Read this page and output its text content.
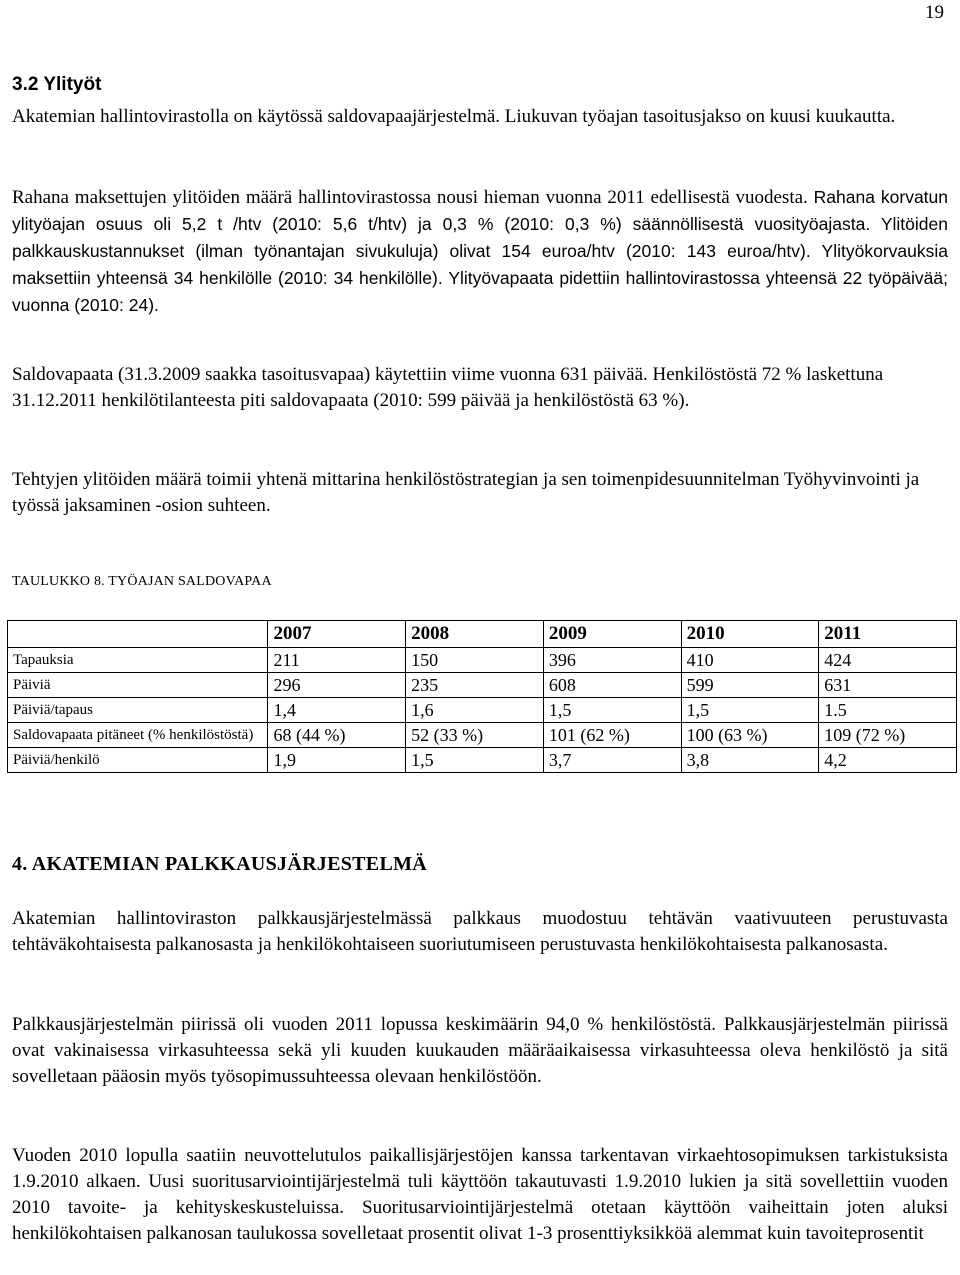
19
3.2 Ylityöt

Akatemian hallintovirastolla on käytössä saldovapaajärjestelmä. Liukuvan työajan tasoitusjakso on kuusi kuukautta.

Rahana maksettujen ylitöiden määrä hallintovirastossa nousi hieman vuonna 2011 edellisestä vuodesta. Rahana korvatun ylityöajan osuus oli 5,2 t /htv (2010: 5,6 t/htv) ja 0,3 % (2010: 0,3 %) säännöllisestä vuosityöajasta. Ylitöiden palkkauskustannukset (ilman työnantajan sivukuluja) olivat 154 euroa/htv (2010: 143 euroa/htv). Ylityökorvauksia maksettiin yhteensä 34 henkilölle (2010: 34 henkilölle). Ylityövapaata pidettiin hallintovirastossa yhteensä 22 työpäivää; vuonna (2010: 24).

Saldovapaata (31.3.2009 saakka tasoitusvapaa) käytettiin viime vuonna 631 päivää. Henkilöstöstä 72 % laskettuna 31.12.2011 henkilötilanteesta piti saldovapaata (2010: 599 päivää ja henkilöstöstä 63 %).

Tehtyjen ylitöiden määrä toimii yhtenä mittarina henkilöstöstrategian ja sen toimenpidesuunnitelman Työhyvinvointi ja työssä jaksaminen -osion suhteen.

TAULUKKO 8. TYÖAJAN SALDOVAPAA
	2007	2008	2009	2010	2011
Tapauksia	211	150	396	410	424
Päiviä	296	235	608	599	631
Päiviä/tapaus	1,4	1,6	1,5	1,5	1.5
Saldovapaata pitäneet (% henkilöstöstä)	68 (44 %)	52 (33 %)	101 (62 %)	100 (63 %)	109 (72 %)
Päiviä/henkilö	1,9	1,5	3,7	3,8	4,2
4. AKATEMIAN PALKKAUSJÄRJESTELMÄ

Akatemian hallintoviraston palkkausjärjestelmässä palkkaus muodostuu tehtävän vaativuuteen perustuvasta tehtäväkohtaisesta palkanosasta ja henkilökohtaiseen suoriutumiseen perustuvasta henkilökohtaisesta palkanosasta.

Palkkausjärjestelmän piirissä oli vuoden 2011 lopussa keskimäärin 94,0 % henkilöstöstä. Palkkausjärjestelmän piirissä ovat vakinaisessa virkasuhteessa sekä yli kuuden kuukauden määräaikaisessa virkasuhteessa oleva henkilöstö ja sitä sovelletaan pääosin myös työsopimussuhteessa olevaan henkilöstöön.

Vuoden 2010 lopulla saatiin neuvottelutulos paikallisjärjestöjen kanssa tarkentavan virkaehtosopimuksen tarkistuksista 1.9.2010 alkaen. Uusi suoritusarviointijärjestelmä tuli käyttöön takautuvasti 1.9.2010 lukien ja sitä sovellettiin vuoden 2010 tavoite- ja kehityskeskusteluissa. Suoritusarviointijärjestelmä otetaan käyttöön vaiheittain joten aluksi henkilökohtaisen palkanosan taulukossa sovelletaat prosentit olivat 1-3 prosenttiyksikköä alemmat kuin tavoiteprosentit
